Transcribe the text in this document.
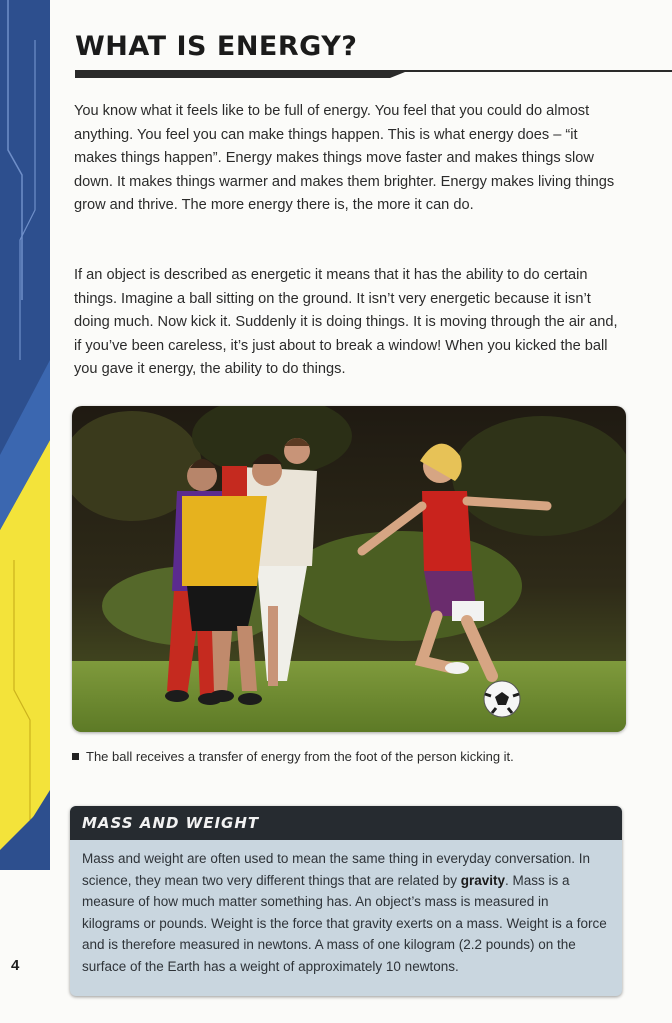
WHAT IS ENERGY?

You know what it feels like to be full of energy. You feel that you could do almost anything. You feel you can make things happen. This is what energy does – “it makes things happen”. Energy makes things move faster and makes things slow down. It makes things warmer and makes them brighter. Energy makes living things grow and thrive. The more energy there is, the more it can do.

If an object is described as energetic it means that it has the ability to do certain things. Imagine a ball sitting on the ground. It isn’t very energetic because it isn’t doing much. Now kick it. Suddenly it is doing things. It is moving through the air and, if you’ve been careless, it’s just about to break a window! When you kicked the ball you gave it energy, the ability to do things.

The ball receives a transfer of energy from the foot of the person kicking it.

MASS AND WEIGHT

Mass and weight are often used to mean the same thing in everyday conversation. In science, they mean two very different things that are related by gravity. Mass is a measure of how much matter something has. An object’s mass is measured in kilograms or pounds. Weight is the force that gravity exerts on a mass. Weight is a force and is therefore measured in newtons. A mass of one kilogram (2.2 pounds) on the surface of the Earth has a weight of approximately 10 newtons.

4
